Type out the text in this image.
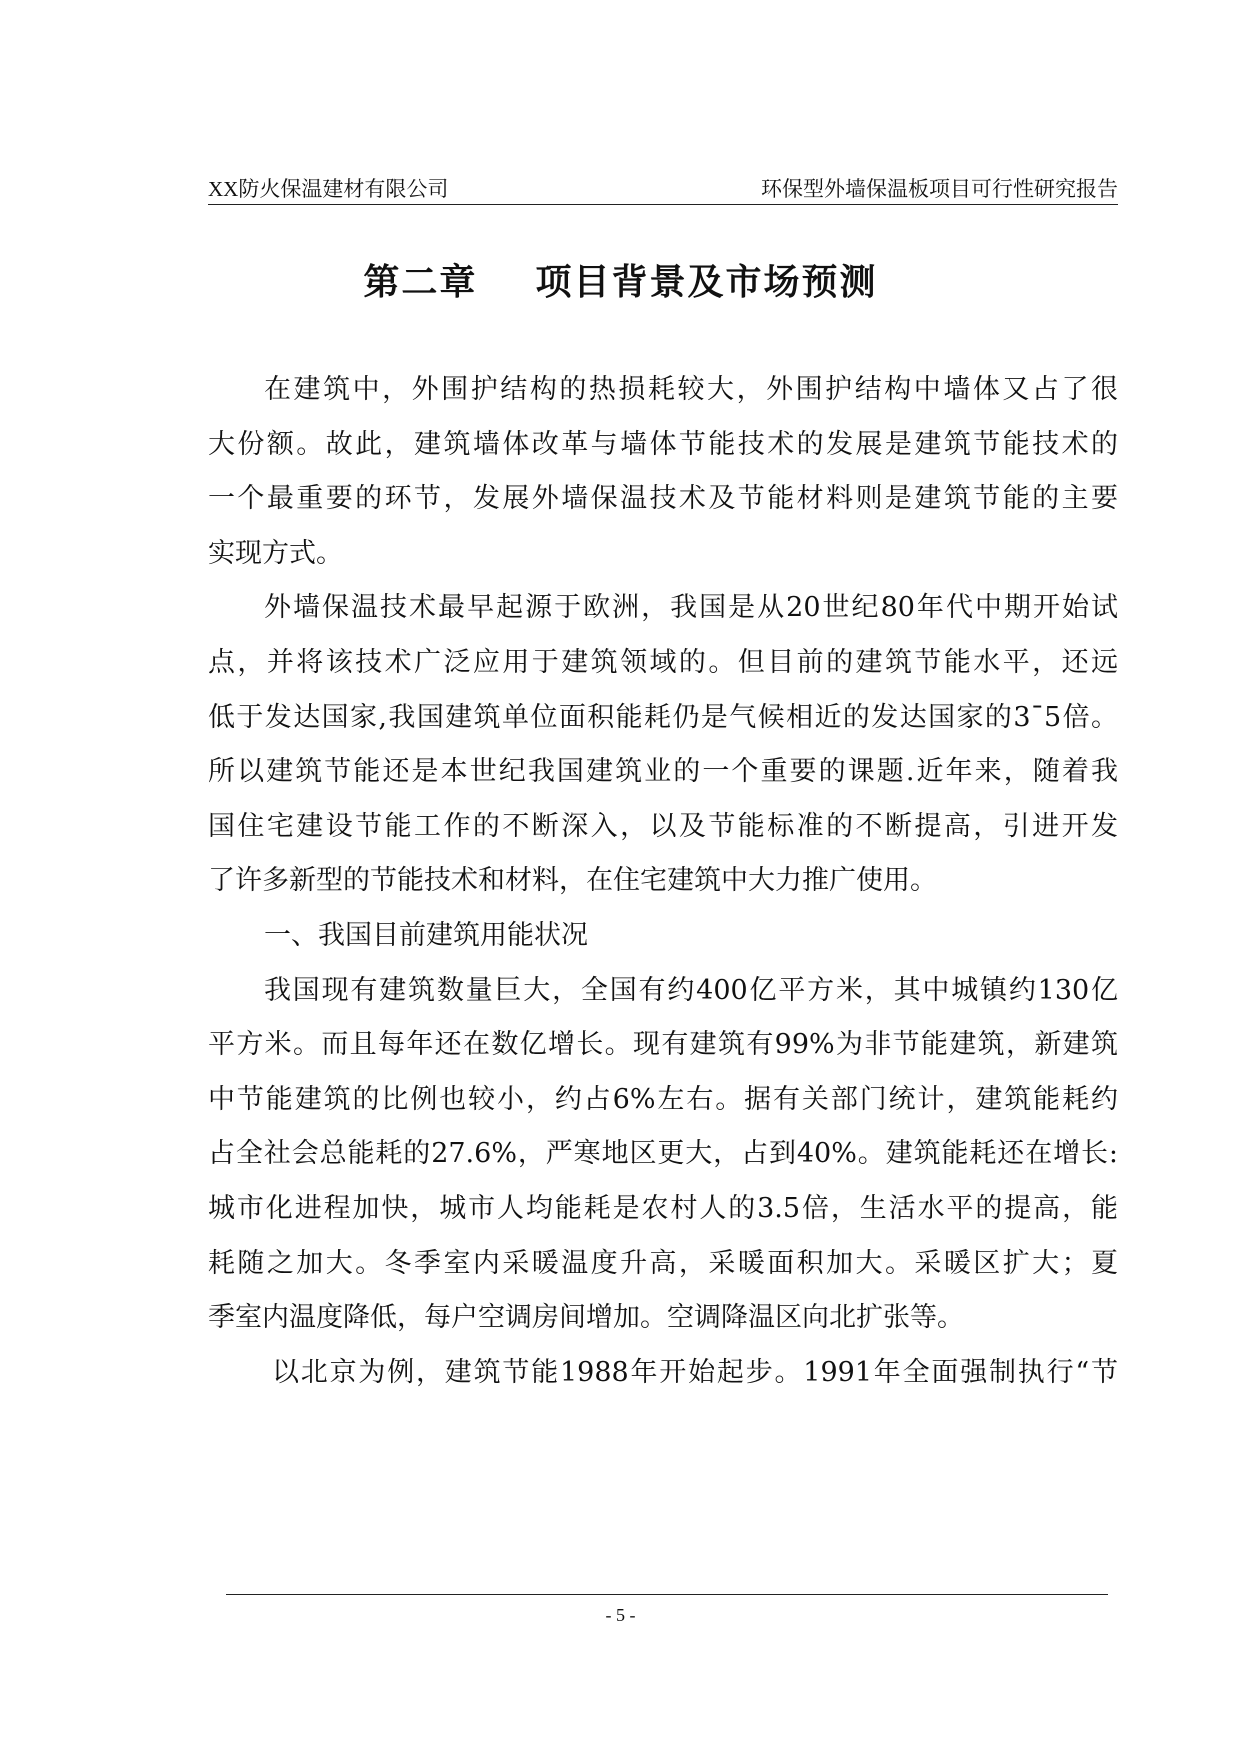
XX防火保温建材有限公司	环保型外墙保温板项目可行性研究报告
第二章    项目背景及市场预测
在建筑中，外围护结构的热损耗较大，外围护结构中墙体又占了很
大份额。故此，建筑墙体改革与墙体节能技术的发展是建筑节能技术的
一个最重要的环节，发展外墙保温技术及节能材料则是建筑节能的主要
实现方式。
外墙保温技术最早起源于欧洲，我国是从20世纪80年代中期开始试
点，并将该技术广泛应用于建筑领域的。但目前的建筑节能水平，还远
低于发达国家,我国建筑单位面积能耗仍是气候相近的发达国家的3¯5倍。
所以建筑节能还是本世纪我国建筑业的一个重要的课题.近年来，随着我
国住宅建设节能工作的不断深入，以及节能标准的不断提高，引进开发
了许多新型的节能技术和材料，在住宅建筑中大力推广使用。
一、我国目前建筑用能状况
我国现有建筑数量巨大，全国有约400亿平方米，其中城镇约130亿
平方米。而且每年还在数亿增长。现有建筑有99%为非节能建筑，新建筑
中节能建筑的比例也较小，约占6%左右。据有关部门统计，建筑能耗约
占全社会总能耗的27.6%，严寒地区更大，占到40%。建筑能耗还在增长:
城市化进程加快，城市人均能耗是农村人的3.5倍，生活水平的提高，能
耗随之加大。冬季室内采暖温度升高，采暖面积加大。采暖区扩大；夏
季室内温度降低，每户空调房间增加。空调降温区向北扩张等。
以北京为例，建筑节能1988年开始起步。1991年全面强制执行“节
- 5 -
